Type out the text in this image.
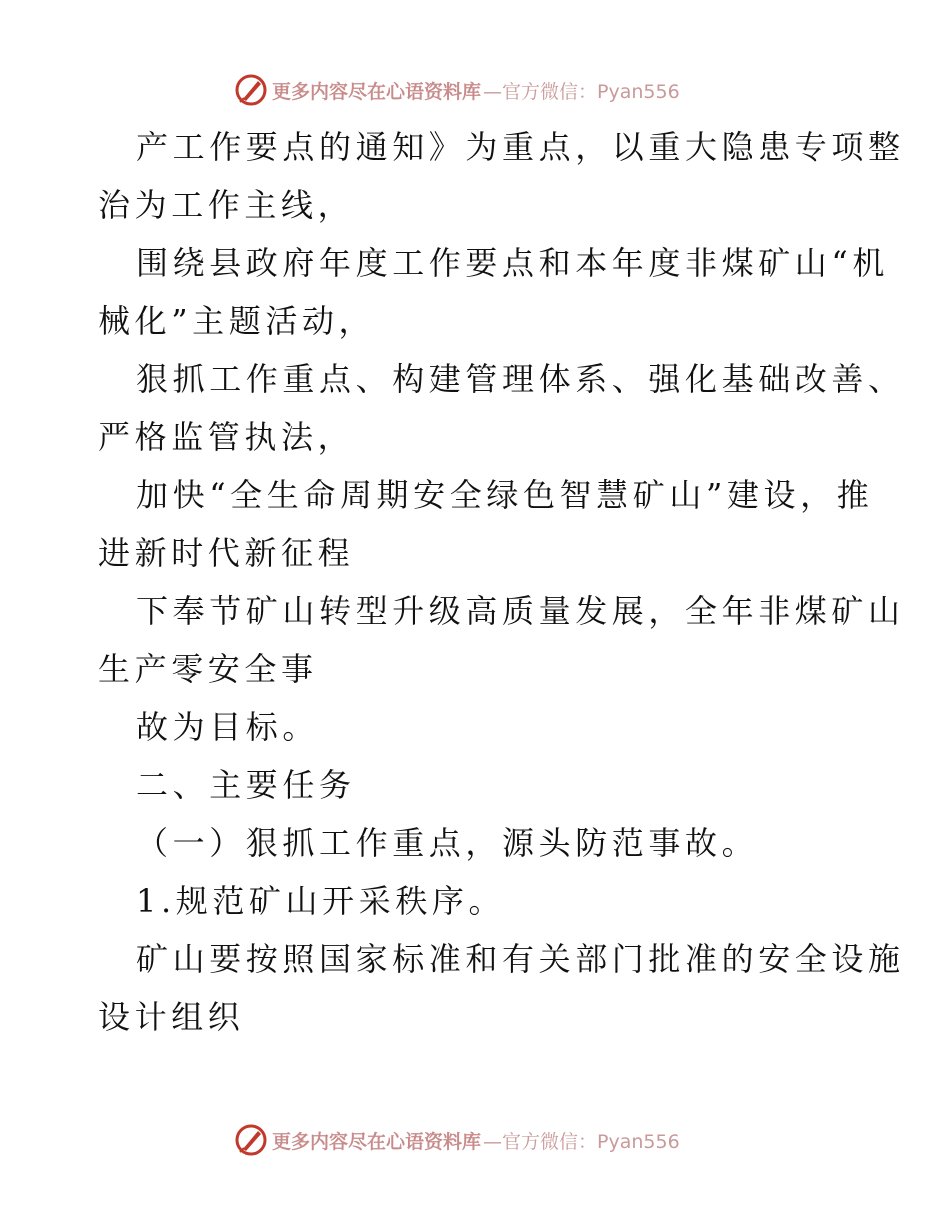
更多内容尽在心语资料库 —官方微信：Pyan556
产工作要点的通知》为重点，以重大隐患专项整
治为工作主线，
围绕县政府年度工作要点和本年度非煤矿山“机
械化”主题活动，
狠抓工作重点、构建管理体系、强化基础改善、
严格监管执法，
加快“全生命周期安全绿色智慧矿山”建设，推
进新时代新征程
下奉节矿山转型升级高质量发展，全年非煤矿山
生产零安全事
故为目标。
二、主要任务
（一）狠抓工作重点，源头防范事故。
1.规范矿山开采秩序。
矿山要按照国家标准和有关部门批准的安全设施
设计组织
更多内容尽在心语资料库 —官方微信：Pyan556
